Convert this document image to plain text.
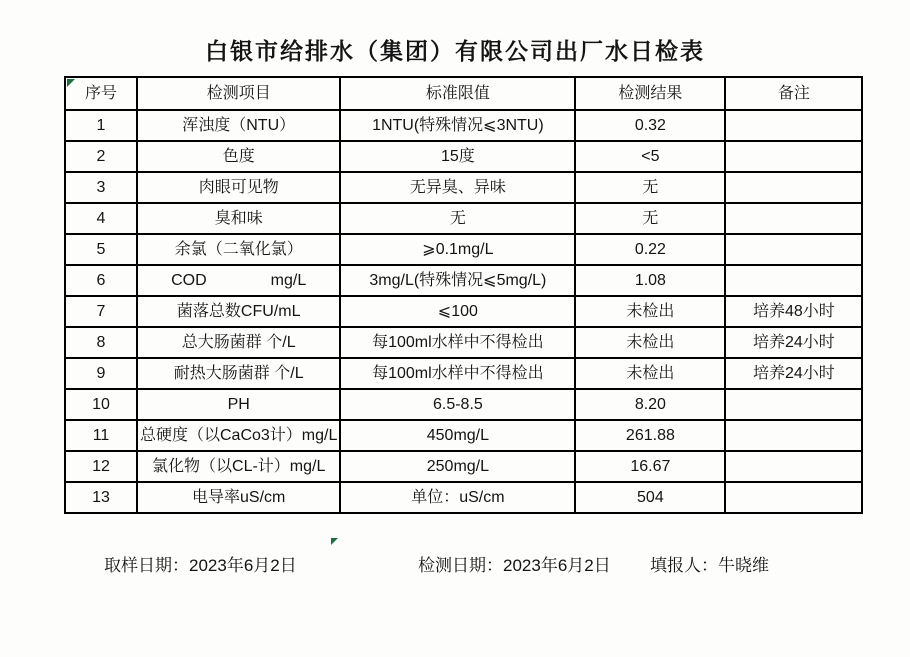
白银市给排水（集团）有限公司出厂水日检表
序号	检测项目	标准限值	检测结果	备注
1	浑浊度（NTU）	1NTU(特殊情况⩽3NTU)	0.32	
2	色度	15度	<5	
3	肉眼可见物	无异臭、异味	无	
4	臭和味	无	无	
5	余氯（二氧化氯）	⩾0.1mg/L	0.22	
6	COD　　　　mg/L	3mg/L(特殊情况⩽5mg/L)	1.08	
7	菌落总数CFU/mL	⩽100	未检出	培养48小时
8	总大肠菌群 个/L	每100ml水样中不得检出	未检出	培养24小时
9	耐热大肠菌群 个/L	每100ml水样中不得检出	未检出	培养24小时
10	PH	6.5-8.5	8.20	
11	总硬度（以CaCo3计）mg/L	450mg/L	261.88	
12	氯化物（以CL-计）mg/L	250mg/L	16.67	
13	电导率uS/cm	单位：uS/cm	504	
取样日期：2023年6月2日	检测日期：2023年6月2日 填报人：牛晓维
